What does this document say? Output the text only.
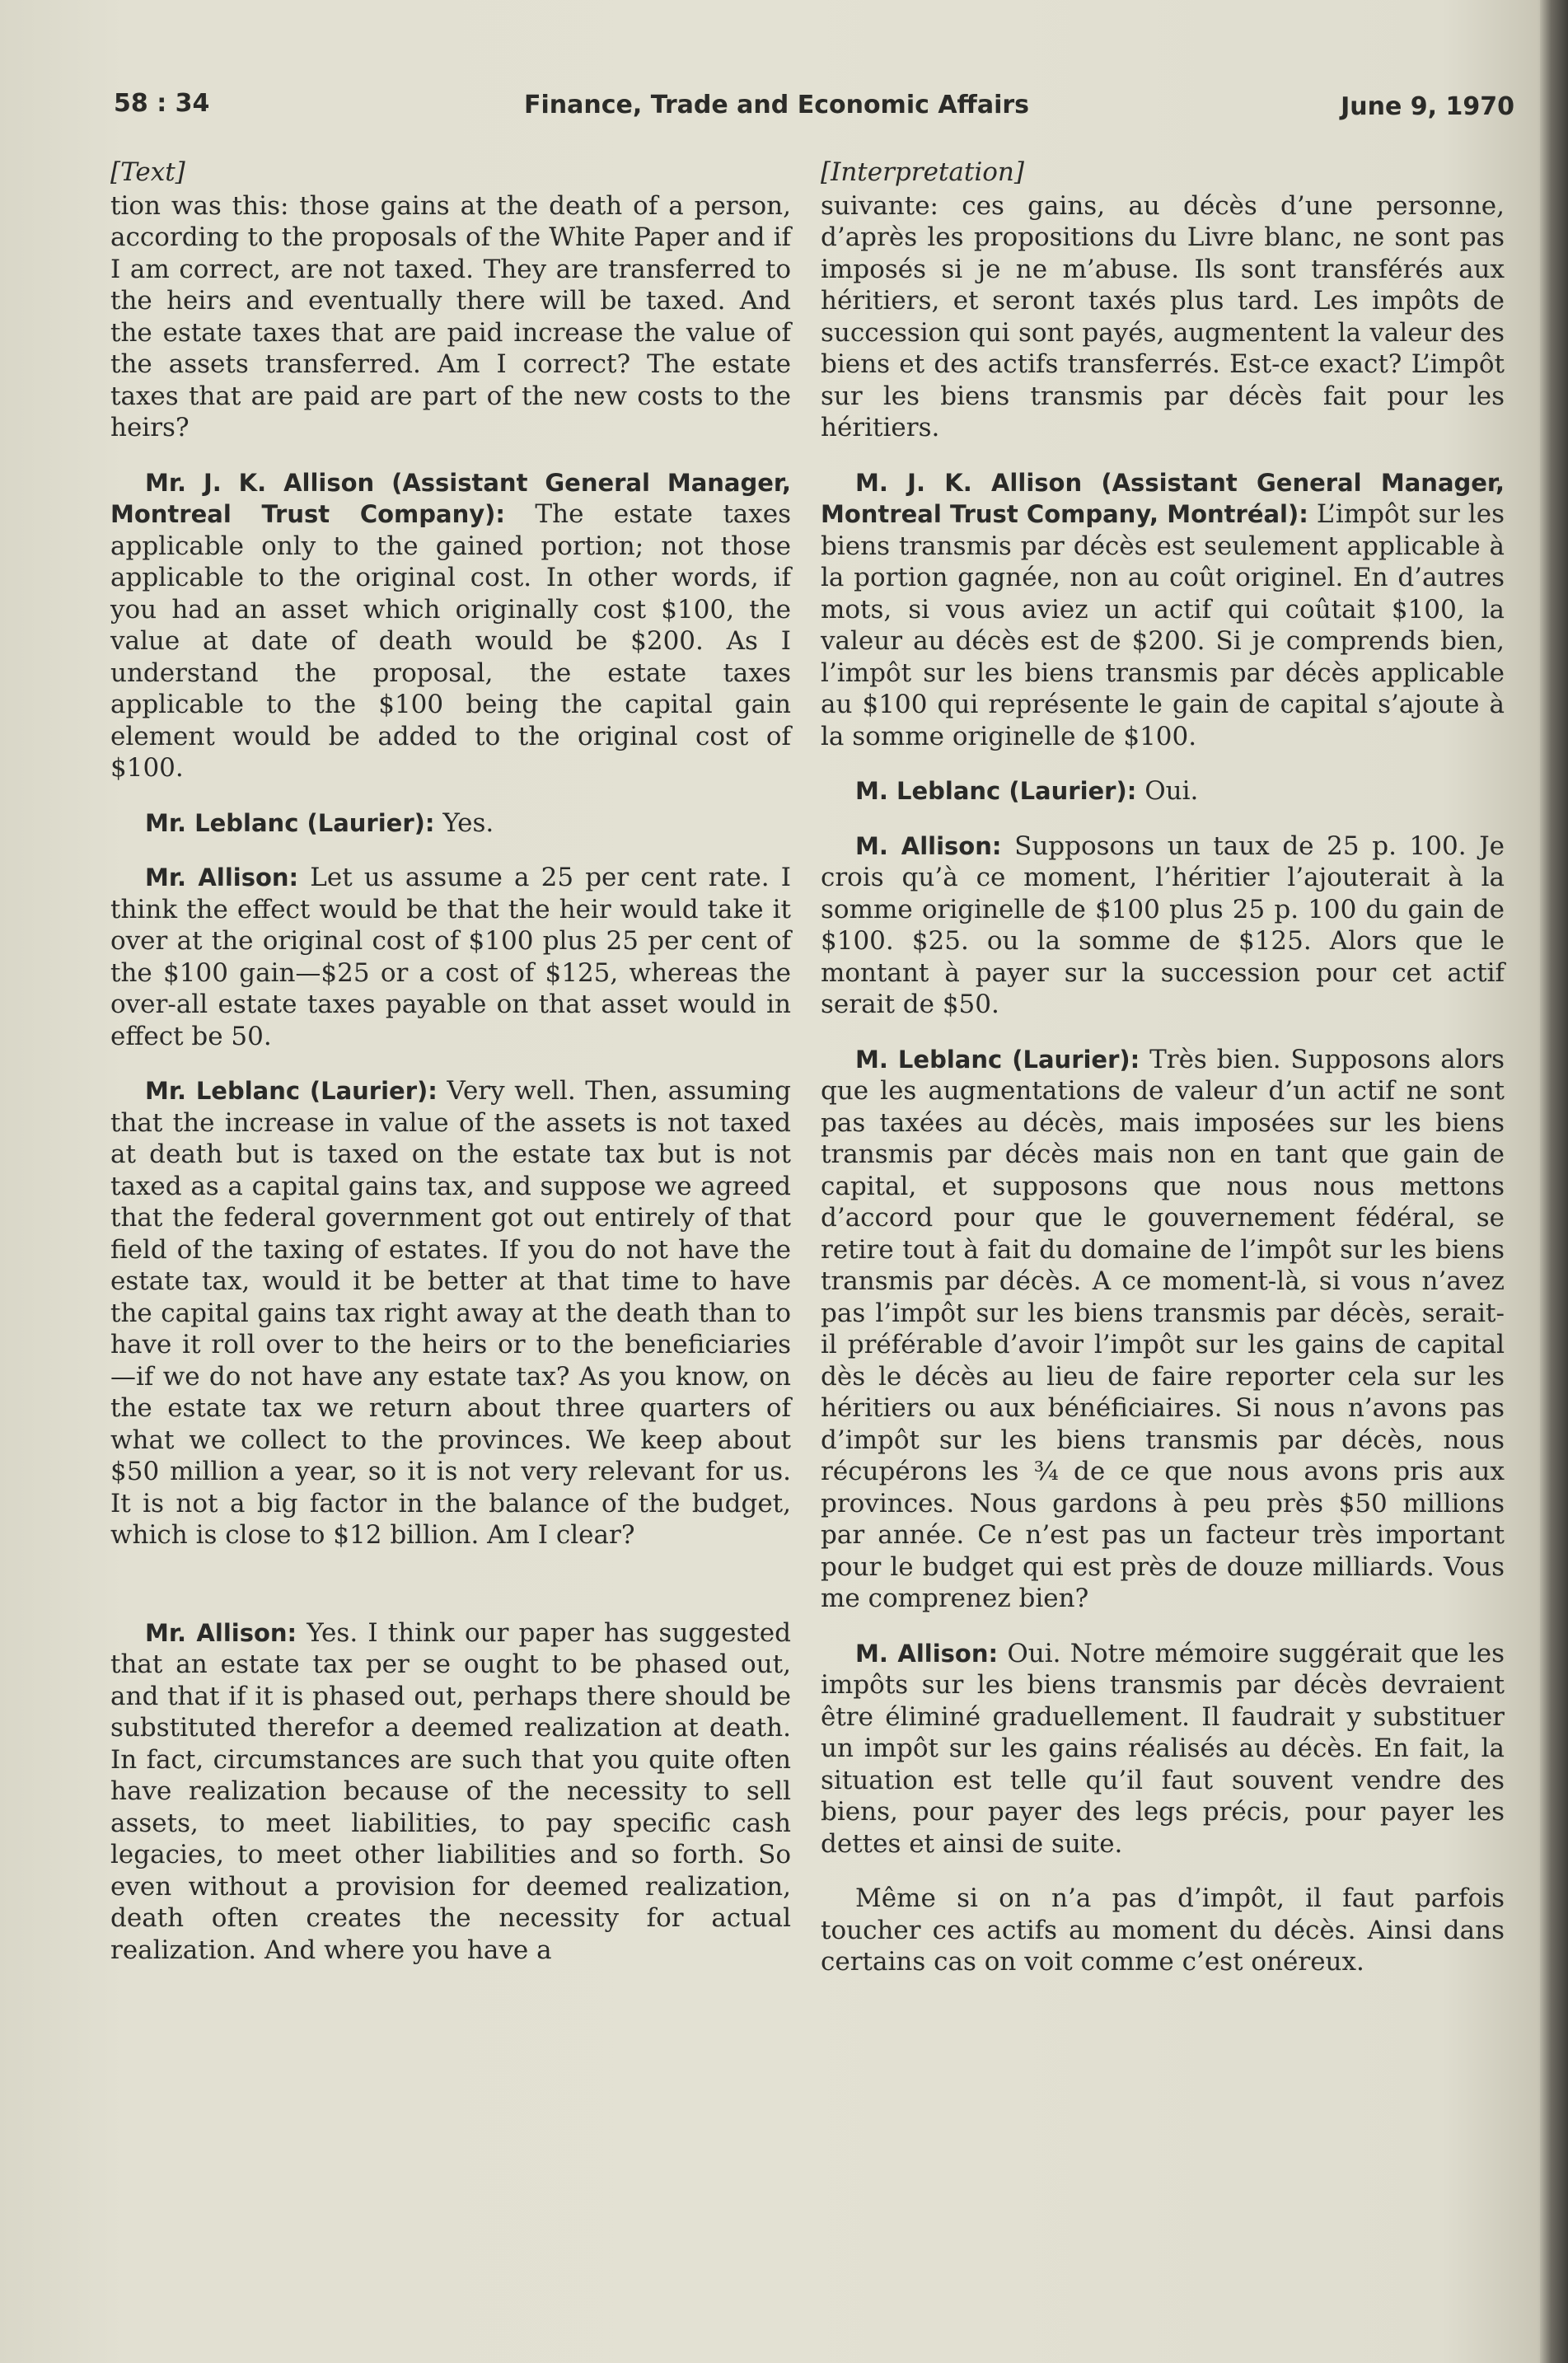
58 : 34	Finance, Trade and Economic Affairs	June 9, 1970
[Text]

tion was this: those gains at the death of a person, according to the proposals of the White Paper and if I am correct, are not taxed. They are transferred to the heirs and eventually there will be taxed. And the estate taxes that are paid increase the value of the assets transferred. Am I correct? The estate taxes that are paid are part of the new costs to the heirs?

Mr. J. K. Allison (Assistant General Manager, Montreal Trust Company): The estate taxes applicable only to the gained portion; not those applicable to the original cost. In other words, if you had an asset which originally cost $100, the value at date of death would be $200. As I understand the proposal, the estate taxes applicable to the $100 being the capital gain element would be added to the original cost of $100.

Mr. Leblanc (Laurier): Yes.

Mr. Allison: Let us assume a 25 per cent rate. I think the effect would be that the heir would take it over at the original cost of $100 plus 25 per cent of the $100 gain—$25 or a cost of $125, whereas the over-all estate taxes payable on that asset would in effect be 50.

Mr. Leblanc (Laurier): Very well. Then, assuming that the increase in value of the assets is not taxed at death but is taxed on the estate tax but is not taxed as a capital gains tax, and suppose we agreed that the federal government got out entirely of that field of the taxing of estates. If you do not have the estate tax, would it be better at that time to have the capital gains tax right away at the death than to have it roll over to the heirs or to the beneficiaries—if we do not have any estate tax? As you know, on the estate tax we return about three quarters of what we collect to the provinces. We keep about $50 million a year, so it is not very relevant for us. It is not a big factor in the balance of the budget, which is close to $12 billion. Am I clear?

Mr. Allison: Yes. I think our paper has suggested that an estate tax per se ought to be phased out, and that if it is phased out, perhaps there should be substituted therefor a deemed realization at death. In fact, circumstances are such that you quite often have realization because of the necessity to sell assets, to meet liabilities, to pay specific cash legacies, to meet other liabilities and so forth. So even without a provision for deemed realization, death often creates the necessity for actual realization. And where you have a

[Interpretation]

suivante: ces gains, au décès d’une personne, d’après les propositions du Livre blanc, ne sont pas imposés si je ne m’abuse. Ils sont transférés aux héritiers, et seront taxés plus tard. Les impôts de succession qui sont payés, augmentent la valeur des biens et des actifs transferrés. Est-ce exact? L’impôt sur les biens transmis par décès fait pour les héritiers.

M. J. K. Allison (Assistant General Manager, Montreal Trust Company, Montréal): L’impôt sur les biens transmis par décès est seulement applicable à la portion gagnée, non au coût originel. En d’autres mots, si vous aviez un actif qui coûtait $100, la valeur au décès est de $200. Si je comprends bien, l’impôt sur les biens transmis par décès applicable au $100 qui représente le gain de capital s’ajoute à la somme originelle de $100.

M. Leblanc (Laurier): Oui.

M. Allison: Supposons un taux de 25 p. 100. Je crois qu’à ce moment, l’héritier l’ajouterait à la somme originelle de $100 plus 25 p. 100 du gain de $100. $25. ou la somme de $125. Alors que le montant à payer sur la succession pour cet actif serait de $50.

M. Leblanc (Laurier): Très bien. Supposons alors que les augmentations de valeur d’un actif ne sont pas taxées au décès, mais imposées sur les biens transmis par décès mais non en tant que gain de capital, et supposons que nous nous mettons d’accord pour que le gouvernement fédéral, se retire tout à fait du domaine de l’impôt sur les biens transmis par décès. A ce moment-là, si vous n’avez pas l’impôt sur les biens transmis par décès, serait-il préférable d’avoir l’impôt sur les gains de capital dès le décès au lieu de faire reporter cela sur les héritiers ou aux bénéficiaires. Si nous n’avons pas d’impôt sur les biens transmis par décès, nous récupérons les ¾ de ce que nous avons pris aux provinces. Nous gardons à peu près $50 millions par année. Ce n’est pas un facteur très important pour le budget qui est près de douze milliards. Vous me comprenez bien?

M. Allison: Oui. Notre mémoire suggérait que les impôts sur les biens transmis par décès devraient être éliminé graduellement. Il faudrait y substituer un impôt sur les gains réalisés au décès. En fait, la situation est telle qu’il faut souvent vendre des biens, pour payer des legs précis, pour payer les dettes et ainsi de suite.

Même si on n’a pas d’impôt, il faut parfois toucher ces actifs au moment du décès. Ainsi dans certains cas on voit comme c’est onéreux.
